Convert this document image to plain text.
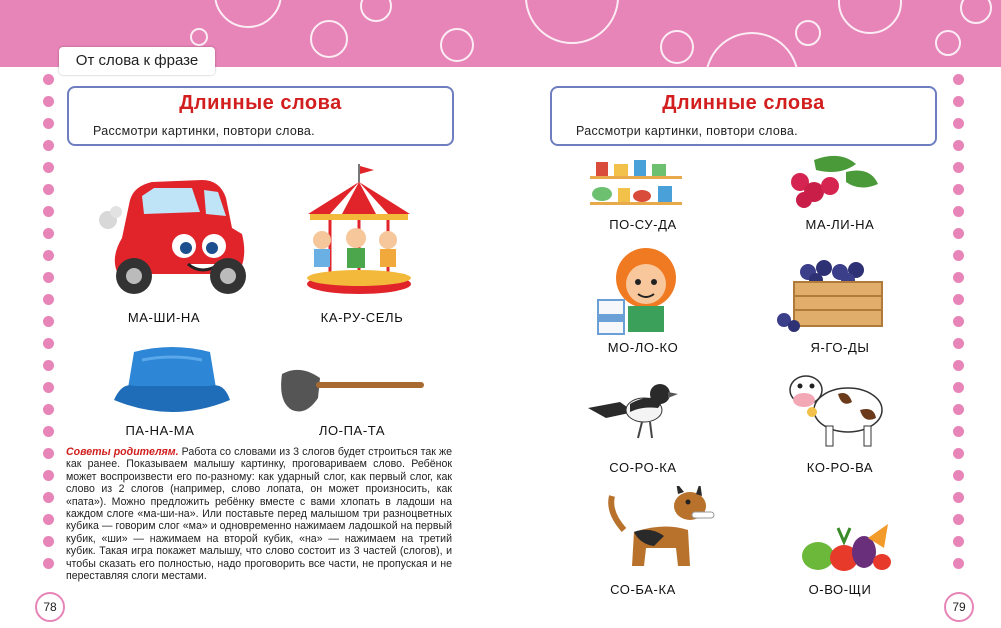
От слова к фразе
Длинные слова
Рассмотри картинки, повтори слова.
МА-ШИ-НА	КА-РУ-СЕЛЬ
ПА-НА-МА	ЛО-ПА-ТА
Советы родителям. Работа со словами из 3 слогов будет строиться так же как ранее. Показываем малышу картинку, проговариваем слово. Ребёнок может воспроизвести его по-разному: как ударный слог, как первый слог, как слово из 2 слогов (например, слово лопата, он может произносить, как «пата»). Можно предложить ребёнку вместе с вами хлопать в ладоши на каждом слоге «ма-ши-на». Или поставьте перед малышом три разноцветных кубика — говорим слог «ма» и одновременно нажимаем ладошкой на первый кубик, «ши» — нажимаем на второй кубик, «на» — нажимаем на третий кубик. Такая игра покажет малышу, что слово состоит из 3 частей (слогов), и чтобы сказать его полностью, надо проговорить все части, не пропуская и не переставляя слоги местами.
78
Длинные слова
Рассмотри картинки, повтори слова.
ПО-СУ-ДА	МА-ЛИ-НА
МО-ЛО-КО	Я-ГО-ДЫ
СО-РО-КА	КО-РО-ВА
СО-БА-КА	О-ВО-ЩИ
79
